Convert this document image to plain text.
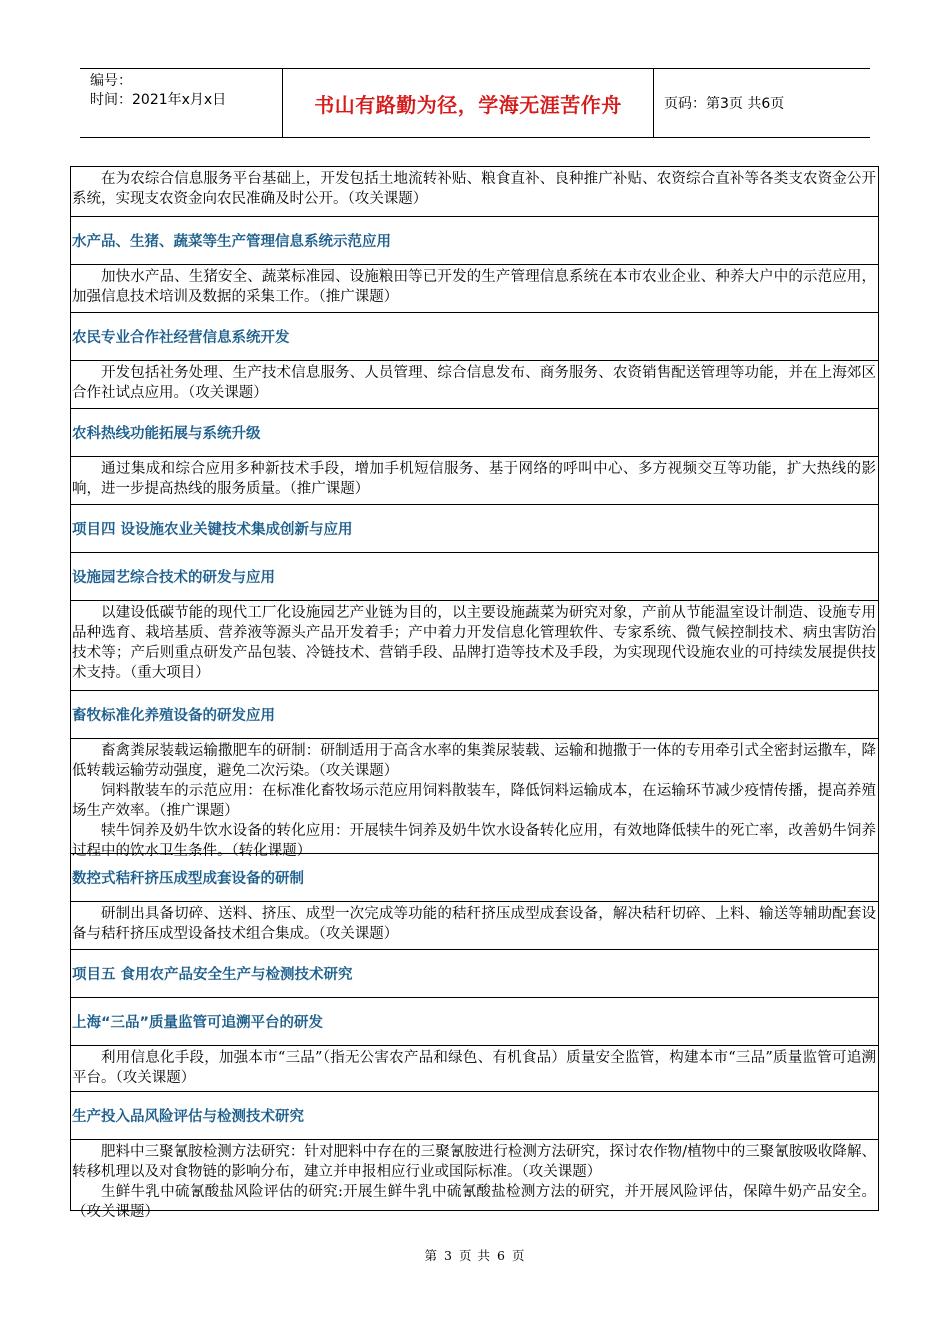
编号：
时间：2021年x月x日	书山有路勤为径，学海无涯苦作舟	页码：第3页 共6页

在为农综合信息服务平台基础上，开发包括土地流转补贴、粮食直补、良种推广补贴、农资综合直补等各类支农资金公开系统，实现支农资金向农民准确及时公开。（攻关课题）

水产品、生猪、蔬菜等生产管理信息系统示范应用

加快水产品、生猪安全、蔬菜标准园、设施粮田等已开发的生产管理信息系统在本市农业企业、种养大户中的示范应用，加强信息技术培训及数据的采集工作。（推广课题）

农民专业合作社经营信息系统开发

开发包括社务处理、生产技术信息服务、人员管理、综合信息发布、商务服务、农资销售配送管理等功能，并在上海郊区合作社试点应用。（攻关课题）

农科热线功能拓展与系统升级

通过集成和综合应用多种新技术手段，增加手机短信服务、基于网络的呼叫中心、多方视频交互等功能，扩大热线的影响，进一步提高热线的服务质量。（推广课题）

项目四 设设施农业关键技术集成创新与应用
设施园艺综合技术的研发与应用

以建设低碳节能的现代工厂化设施园艺产业链为目的，以主要设施蔬菜为研究对象，产前从节能温室设计制造、设施专用品种选育、栽培基质、营养液等源头产品开发着手；产中着力开发信息化管理软件、专家系统、微气候控制技术、病虫害防治技术等；产后则重点研发产品包装、冷链技术、营销手段、品牌打造等技术及手段，为实现现代设施农业的可持续发展提供技术支持。（重大项目）

畜牧标准化养殖设备的研发应用

畜禽粪尿装载运输撒肥车的研制：研制适用于高含水率的集粪尿装载、运输和抛撒于一体的专用牵引式全密封运撒车，降低转载运输劳动强度，避免二次污染。（攻关课题）

饲料散装车的示范应用：在标准化畜牧场示范应用饲料散装车，降低饲料运输成本，在运输环节减少疫情传播，提高养殖场生产效率。（推广课题）

犊牛饲养及奶牛饮水设备的转化应用：开展犊牛饲养及奶牛饮水设备转化应用，有效地降低犊牛的死亡率，改善奶牛饲养过程中的饮水卫生条件。（转化课题）

数控式秸秆挤压成型成套设备的研制

研制出具备切碎、送料、挤压、成型一次完成等功能的秸秆挤压成型成套设备，解决秸秆切碎、上料、输送等辅助配套设备与秸秆挤压成型设备技术组合集成。（攻关课题）

项目五 食用农产品安全生产与检测技术研究
上海“三品”质量监管可追溯平台的研发

利用信息化手段，加强本市“三品”（指无公害农产品和绿色、有机食品）质量安全监管，构建本市“三品”质量监管可追溯平台。（攻关课题）

生产投入品风险评估与检测技术研究

肥料中三聚氰胺检测方法研究：针对肥料中存在的三聚氰胺进行检测方法研究，探讨农作物/植物中的三聚氰胺吸收降解、转移机理以及对食物链的影响分布，建立并申报相应行业或国际标准。（攻关课题）

生鲜牛乳中硫氰酸盐风险评估的研究:开展生鲜牛乳中硫氰酸盐检测方法的研究，并开展风险评估，保障牛奶产品安全。（攻关课题）

第 3 页 共 6 页
